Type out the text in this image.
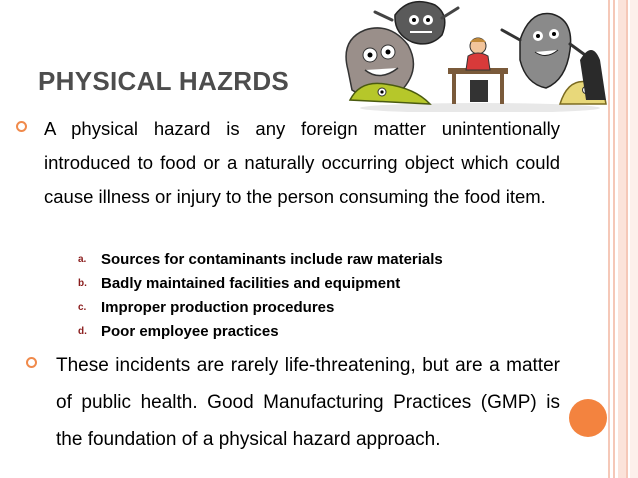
PHYSICAL HAZRDS
A physical hazard is any foreign matter unintentionally introduced to food or a naturally occurring object which could cause illness or injury to the person consuming the food item.
a. Sources for contaminants include raw materials
b. Badly maintained facilities and equipment
c. Improper production procedures
d. Poor employee practices
These incidents are rarely life-threatening, but are a matter of public health. Good Manufacturing Practices (GMP) is the foundation of a physical hazard approach.
